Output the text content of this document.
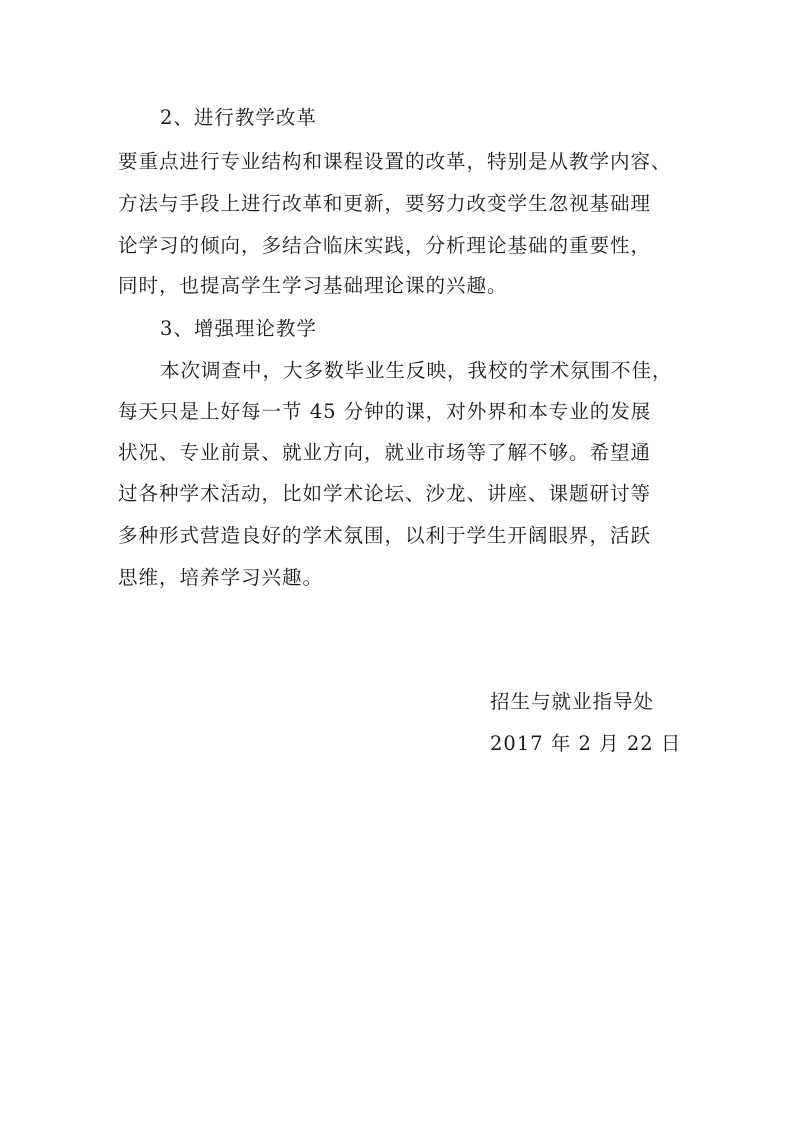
2、进行教学改革
要重点进行专业结构和课程设置的改革，特别是从教学内容、
方法与手段上进行改革和更新，要努力改变学生忽视基础理
论学习的倾向，多结合临床实践，分析理论基础的重要性，
同时，也提高学生学习基础理论课的兴趣。
3、增强理论教学
本次调查中，大多数毕业生反映，我校的学术氛围不佳，
每天只是上好每一节 45 分钟的课，对外界和本专业的发展
状况、专业前景、就业方向，就业市场等了解不够。希望通
过各种学术活动，比如学术论坛、沙龙、讲座、课题研讨等
多种形式营造良好的学术氛围，以利于学生开阔眼界，活跃
思维，培养学习兴趣。
招生与就业指导处
2017 年 2 月 22 日
